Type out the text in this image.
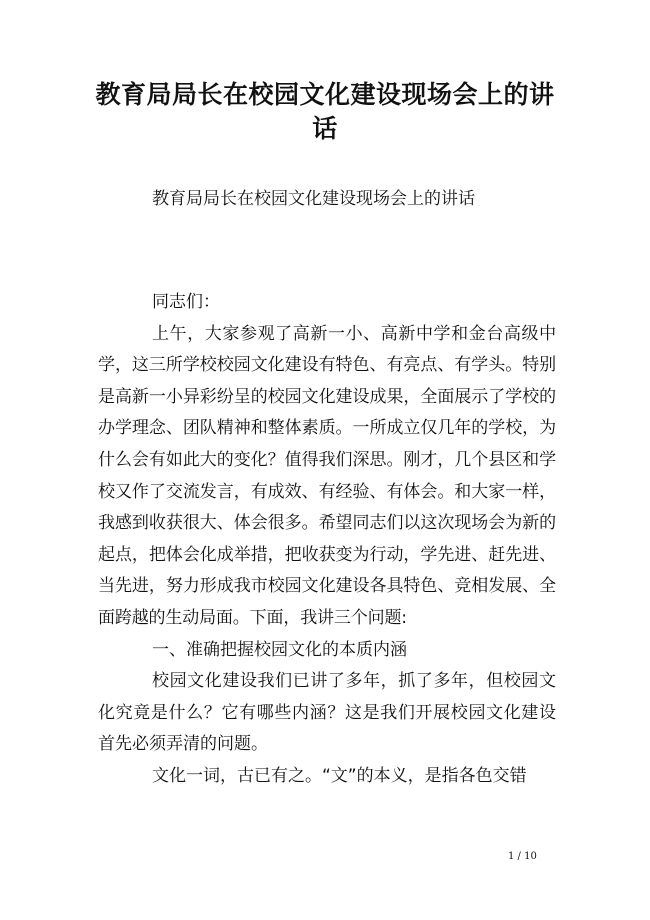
教育局局长在校园文化建设现场会上的讲话
教育局局长在校园文化建设现场会上的讲话

同志们：

上午，大家参观了高新一小、高新中学和金台高级中学，这三所学校校园文化建设有特色、有亮点、有学头。特别是高新一小异彩纷呈的校园文化建设成果，全面展示了学校的办学理念、团队精神和整体素质。一所成立仅几年的学校，为什么会有如此大的变化？值得我们深思。刚才，几个县区和学校又作了交流发言，有成效、有经验、有体会。和大家一样，我感到收获很大、体会很多。希望同志们以这次现场会为新的起点，把体会化成举措，把收获变为行动，学先进、赶先进、当先进，努力形成我市校园文化建设各具特色、竞相发展、全面跨越的生动局面。下面，我讲三个问题:

一、准确把握校园文化的本质内涵

校园文化建设我们已讲了多年，抓了多年，但校园文化究竟是什么？它有哪些内涵？这是我们开展校园文化建设首先必须弄清的问题。

文化一词，古已有之。“文”的本义，是指各色交错

1 / 10
